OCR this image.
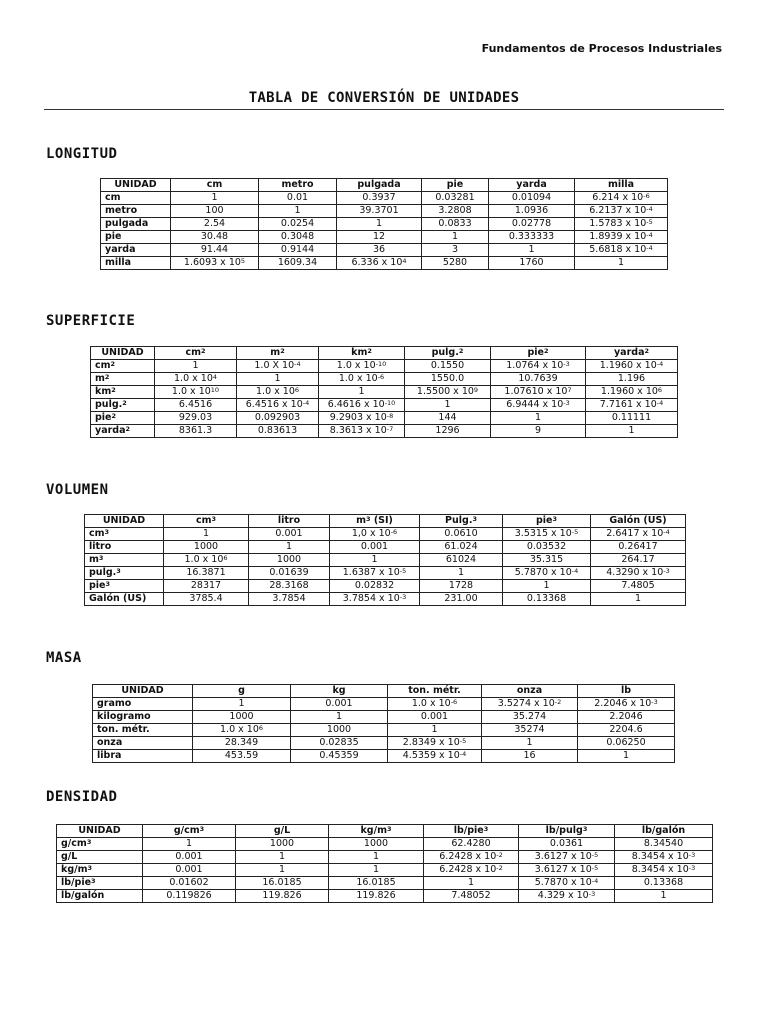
Fundamentos de Procesos Industriales
TABLA DE CONVERSIÓN DE UNIDADES
LONGITUD
UNIDAD	cm	metro	pulgada	pie	yarda	milla
cm	1	0.01	0.3937	0.03281	0.01094	6.214 x $10^{-6}$
metro	100	1	39.3701	3.2808	1.0936	6.2137 x $10^{-4}$
pulgada	2.54	0.0254	1	0.0833	0.02778	1.5783 x $10^{-5}$
pie	30.48	0.3048	12	1	0.333333	1.8939 x $10^{-4}$
yarda	91.44	0.9144	36	3	1	5.6818 x $10^{-4}$
milla	1.6093 x $10^5$	1609.34	6.336 x $10^4$	5280	1760	1
SUPERFICIE
UNIDAD	$cm^2$	$m^2$	$km^2$	pulg.$^2$	pie$^2$	yarda$^2$
$cm^2$	1	1.0 X $10^{-4}$	1.0 x $10^{-10}$	0.1550	1.0764 x $10^{-3}$	1.1960 x $10^{-4}$
$m^2$	1.0 x $10^4$	1	1.0 x $10^{-6}$	1550.0	10.7639	1.196
$km^2$	1.0 x $10^{10}$	1.0 x $10^6$	1	1.5500 x $10^9$	1.07610 x $10^7$	1.1960 x $10^6$
pulg.$^2$	6.4516	6.4516 x $10^{-4}$	6.4616 x $10^{-10}$	1	6.9444 x $10^{-3}$	7.7161 x $10^{-4}$
pie$^2$	929.03	0.092903	9.2903 x $10^{-8}$	144	1	0.11111
yarda$^2$	8361.3	0.83613	8.3613 x $10^{-7}$	1296	9	1
VOLUMEN
UNIDAD	$cm^3$	litro	$m^3$ (SI)	Pulg.$^3$	pie$^3$	Galón (US)
$cm^3$	1	0.001	1,0 x $10^{-6}$	0.0610	3.5315 x $10^{-5}$	2.6417 x $10^{-4}$
litro	1000	1	0.001	61.024	0.03532	0.26417
$m^3$	1.0 x $10^6$	1000	1	61024	35.315	264.17
pulg.$^3$	16.3871	0.01639	1.6387 x $10^{-5}$	1	5.7870 x $10^{-4}$	4.3290 x $10^{-3}$
pie$^3$	28317	28.3168	0.02832	1728	1	7.4805
Galón (US)	3785.4	3.7854	3.7854 x $10^{-3}$	231.00	0.13368	1
MASA
UNIDAD	g	kg	ton. métr.	onza	lb
gramo	1	0.001	1.0 x $10^{-6}$	3.5274 x $10^{-2}$	2.2046 x $10^{-3}$
kilogramo	1000	1	0.001	35.274	2.2046
ton. métr.	1.0 x $10^6$	1000	1	35274	2204.6
onza	28.349	0.02835	2.8349 x $10^{-5}$	1	0.06250
libra	453.59	0.45359	4.5359 x $10^{-4}$	16	1
DENSIDAD
UNIDAD	$g/cm^3$	g/L	$kg/m^3$	lb/pie$^3$	lb/pulg$^3$	lb/galón
$g/cm^3$	1	1000	1000	62.4280	0.0361	8.34540
g/L	0.001	1	1	6.2428 x $10^{-2}$	3.6127 x $10^{-5}$	8.3454 x $10^{-3}$
$kg/m^3$	0.001	1	1	6.2428 x $10^{-2}$	3.6127 x $10^{-5}$	8.3454 x $10^{-3}$
lb/pie$^3$	0.01602	16.0185	16.0185	1	5.7870 x $10^{-4}$	0.13368
lb/galón	0.119826	119.826	119.826	7.48052	4.329 x $10^{-3}$	1
